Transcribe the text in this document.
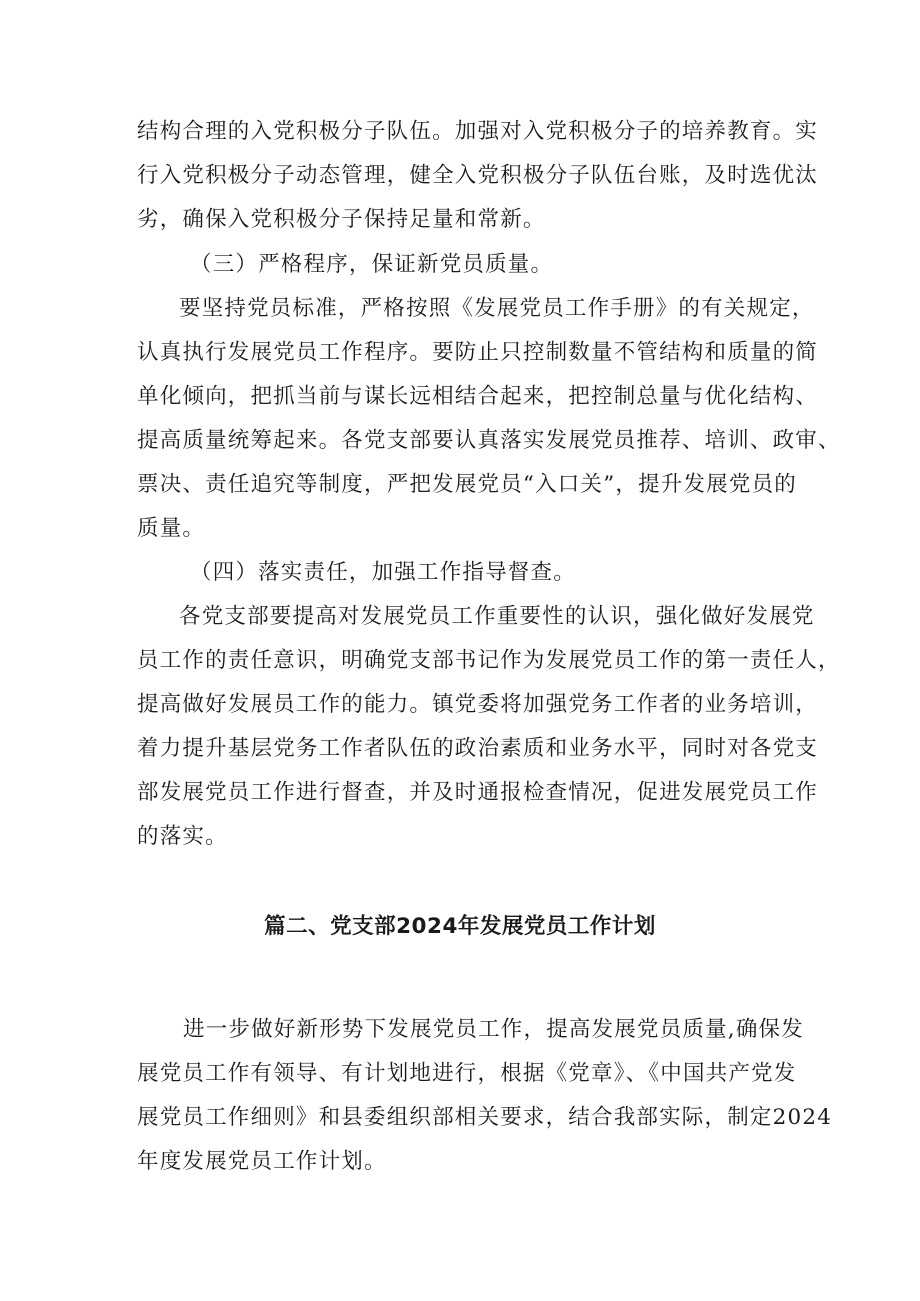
结构合理的入党积极分子队伍。加强对入党积极分子的培养教育。实
行入党积极分子动态管理，健全入党积极分子队伍台账，及时选优汰
劣，确保入党积极分子保持足量和常新。
（三）严格程序，保证新党员质量。
要坚持党员标准，严格按照《发展党员工作手册》的有关规定，
认真执行发展党员工作程序。要防止只控制数量不管结构和质量的简
单化倾向，把抓当前与谋长远相结合起来，把控制总量与优化结构、
提高质量统筹起来。各党支部要认真落实发展党员推荐、培训、政审、
票决、责任追究等制度，严把发展党员“入口关”，提升发展党员的
质量。
（四）落实责任，加强工作指导督查。
各党支部要提高对发展党员工作重要性的认识，强化做好发展党
员工作的责任意识，明确党支部书记作为发展党员工作的第一责任人，
提高做好发展员工作的能力。镇党委将加强党务工作者的业务培训，
着力提升基层党务工作者队伍的政治素质和业务水平，同时对各党支
部发展党员工作进行督查，并及时通报检查情况，促进发展党员工作
的落实。
篇二、党支部2024年发展党员工作计划
进一步做好新形势下发展党员工作，提高发展党员质量,确保发
展党员工作有领导、有计划地进行，根据《党章》、《中国共产党发
展党员工作细则》和县委组织部相关要求，结合我部实际，制定2024
年度发展党员工作计划。
